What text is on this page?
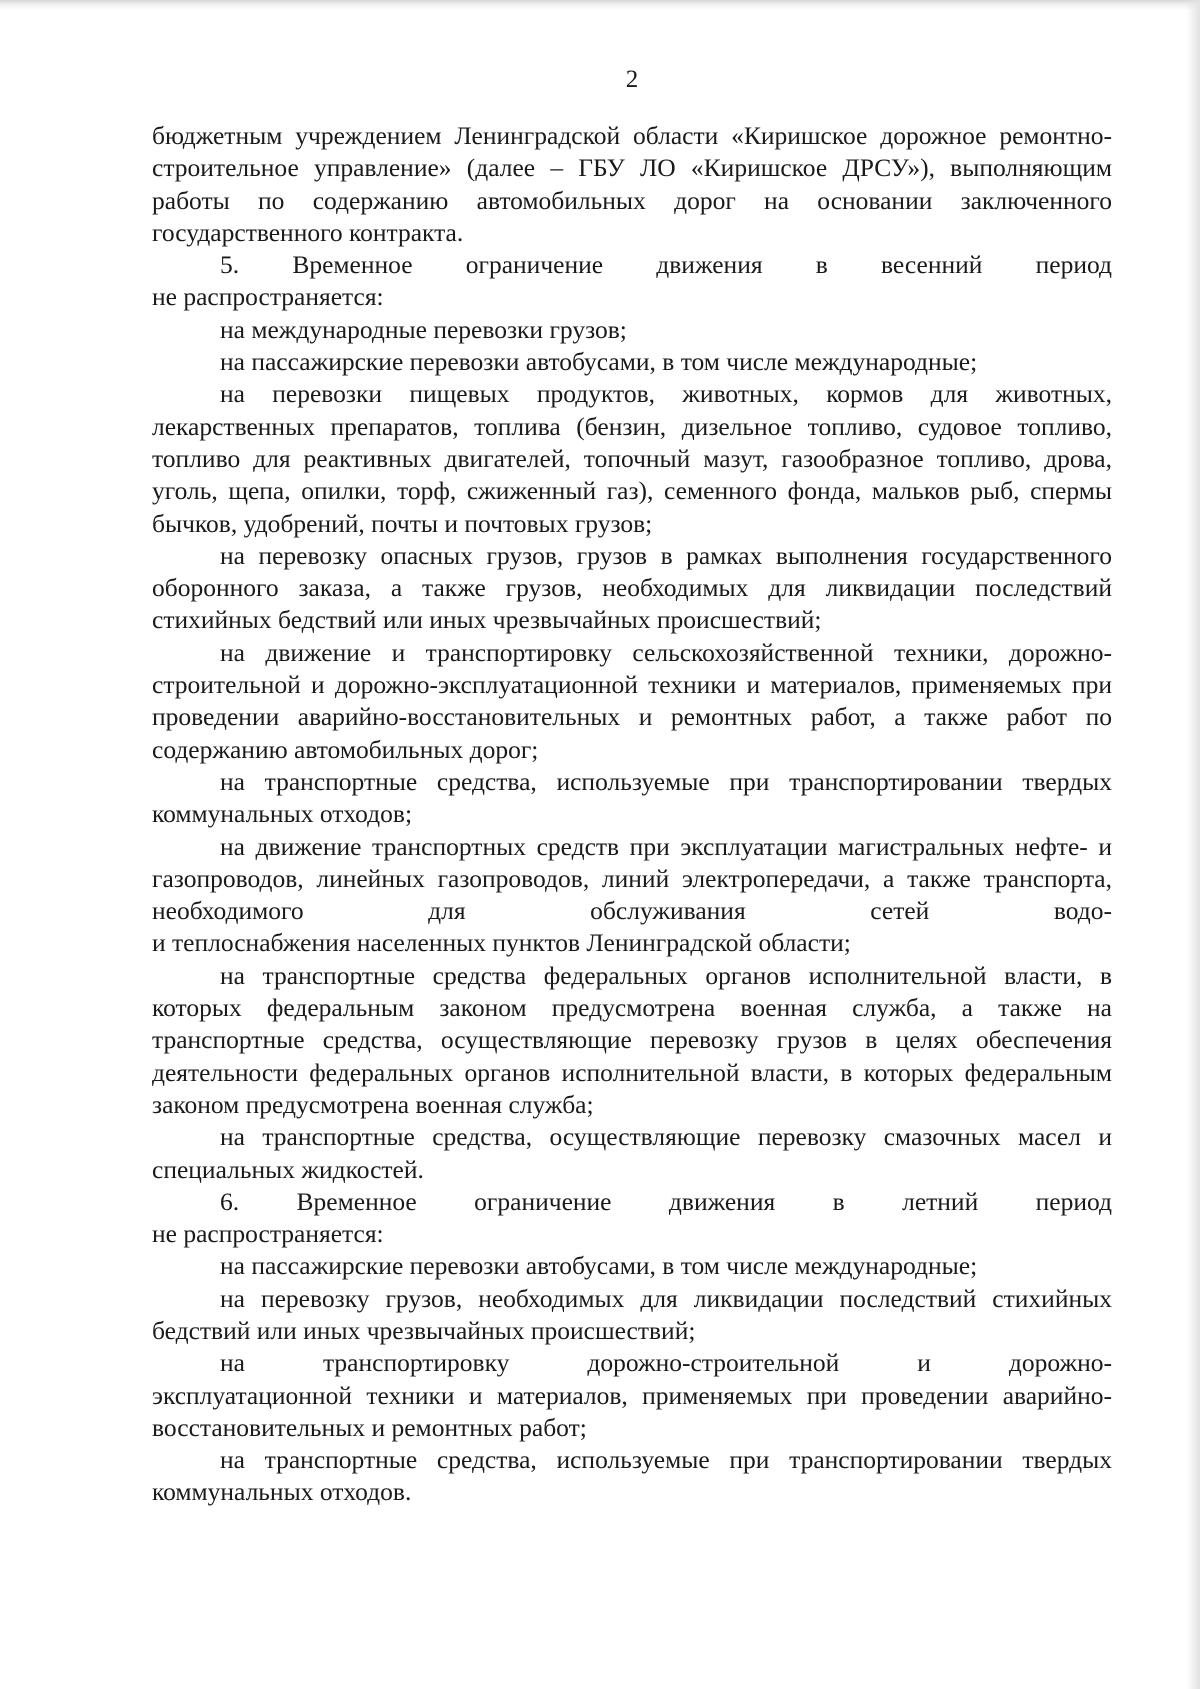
2

бюджетным учреждением Ленинградской области «Киришское дорожное ремонтно-строительное управление» (далее – ГБУ ЛО «Киришское ДРСУ»), выполняющим работы по содержанию автомобильных дорог на основании заключенного государственного контракта.

5. Временное ограничение движения в весенний период

не распространяется:

на международные перевозки грузов;

на пассажирские перевозки автобусами, в том числе международные;

на перевозки пищевых продуктов, животных, кормов для животных, лекарственных препаратов, топлива (бензин, дизельное топливо, судовое топливо, топливо для реактивных двигателей, топочный мазут, газообразное топливо, дрова, уголь, щепа, опилки, торф, сжиженный газ), семенного фонда, мальков рыб, спермы бычков, удобрений, почты и почтовых грузов;

на перевозку опасных грузов, грузов в рамках выполнения государственного оборонного заказа, а также грузов, необходимых для ликвидации последствий стихийных бедствий или иных чрезвычайных происшествий;

на движение и транспортировку сельскохозяйственной техники, дорожно-строительной и дорожно-эксплуатационной техники и материалов, применяемых при проведении аварийно-восстановительных и ремонтных работ, а также работ по содержанию автомобильных дорог;

на транспортные средства, используемые при транспортировании твердых коммунальных отходов;

на движение транспортных средств при эксплуатации магистральных нефте- и газопроводов, линейных газопроводов, линий электропередачи, а также транспорта, необходимого для обслуживания сетей водо-

и теплоснабжения населенных пунктов Ленинградской области;

на транспортные средства федеральных органов исполнительной власти, в которых федеральным законом предусмотрена военная служба, а также на транспортные средства, осуществляющие перевозку грузов в целях обеспечения деятельности федеральных органов исполнительной власти, в которых федеральным законом предусмотрена военная служба;

на транспортные средства, осуществляющие перевозку смазочных масел и специальных жидкостей.

6. Временное ограничение движения в летний период

не распространяется:

на пассажирские перевозки автобусами, в том числе международные;

на перевозку грузов, необходимых для ликвидации последствий стихийных бедствий или иных чрезвычайных происшествий;

на транспортировку дорожно-строительной и дорожно-

эксплуатационной техники и материалов, применяемых при проведении аварийно-восстановительных и ремонтных работ;

на транспортные средства, используемые при транспортировании твердых коммунальных отходов.
